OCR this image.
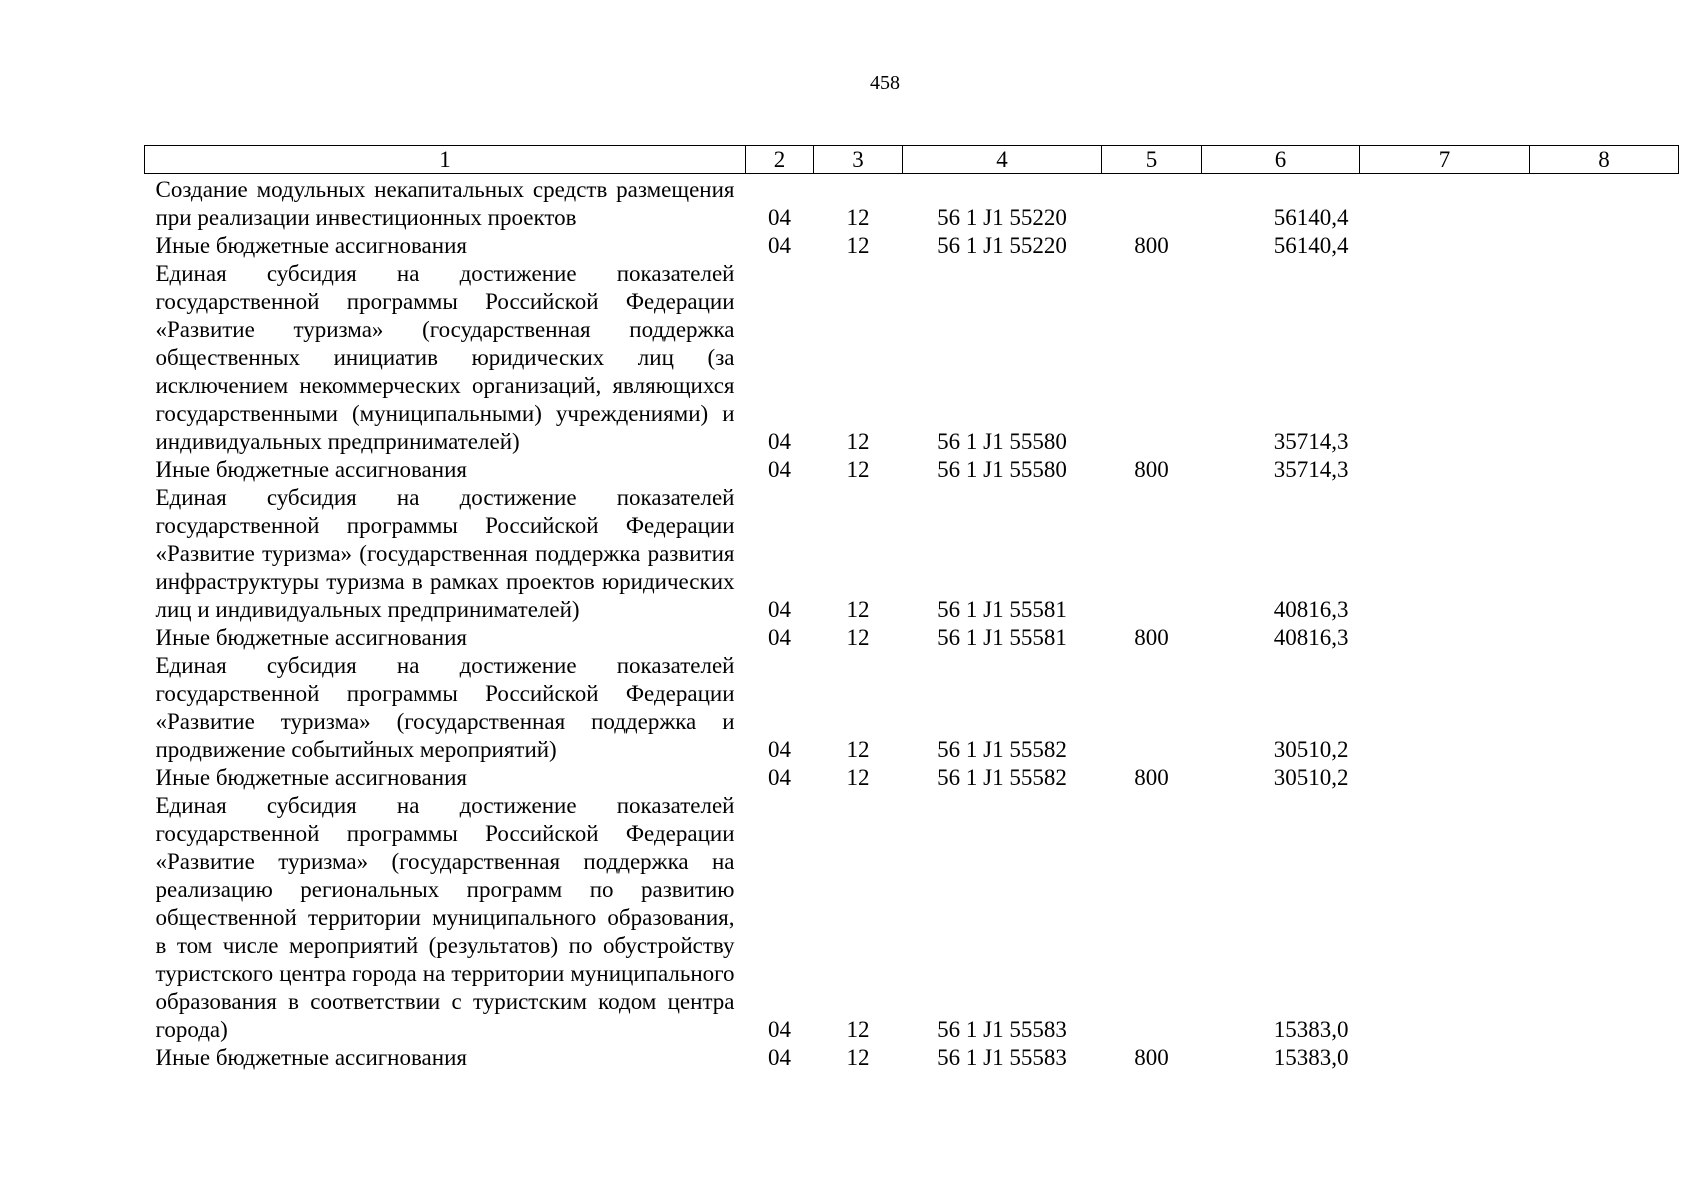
458
1	2	3	4	5	6	7	8
Создание модульных некапитальных средств размещения при реализации инвестиционных проектов	04	12	56 1 J1 55220		56140,4		
Иные бюджетные ассигнования	04	12	56 1 J1 55220	800	56140,4		
Единая субсидия на достижение показателей государственной программы Российской Федерации «Развитие туризма» (государственная поддержка общественных инициатив юридических лиц (за исключением некоммерческих организаций, являющихся государственными (муниципальными) учреждениями) и индивидуальных предпринимателей)	04	12	56 1 J1 55580		35714,3		
Иные бюджетные ассигнования	04	12	56 1 J1 55580	800	35714,3		
Единая субсидия на достижение показателей государственной программы Российской Федерации «Развитие туризма» (государственная поддержка развития инфраструктуры туризма в рамках проектов юридических лиц и индивидуальных предпринимателей)	04	12	56 1 J1 55581		40816,3		
Иные бюджетные ассигнования	04	12	56 1 J1 55581	800	40816,3		
Единая субсидия на достижение показателей государственной программы Российской Федерации «Развитие туризма» (государственная поддержка и продвижение событийных мероприятий)	04	12	56 1 J1 55582		30510,2		
Иные бюджетные ассигнования	04	12	56 1 J1 55582	800	30510,2		
Единая субсидия на достижение показателей государственной программы Российской Федерации «Развитие туризма» (государственная поддержка на реализацию региональных программ по развитию общественной территории муниципального образования, в том числе мероприятий (результатов) по обустройству туристского центра города на территории муниципального образования в соответствии с туристским кодом центра города)	04	12	56 1 J1 55583		15383,0		
Иные бюджетные ассигнования	04	12	56 1 J1 55583	800	15383,0		
